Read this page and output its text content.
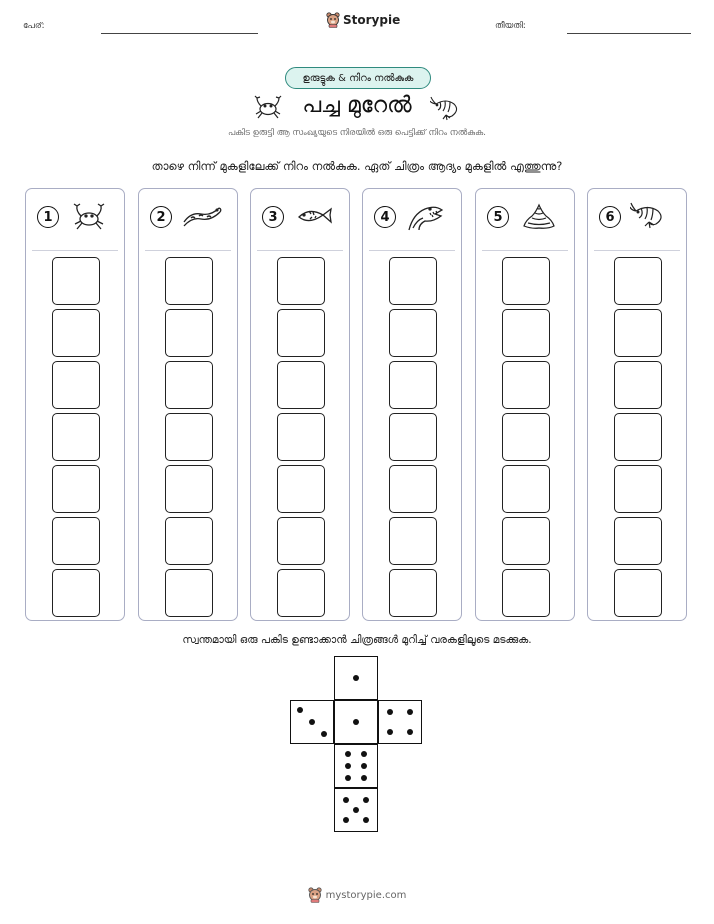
പേര്:	Storypie	തീയതി:
ഉരുട്ടുക & നിറം നൽകുക
പച്ച മുറേൽ
പകിട ഉരുട്ടി ആ സംഖ്യയുടെ നിരയിൽ ഒരു പെട്ടിക്ക് നിറം നൽകുക.
താഴെ നിന്ന് മുകളിലേക്ക് നിറം നൽകുക. ഏത് ചിത്രം ആദ്യം മുകളിൽ എത്തുന്നു?
1	2	3	4	5	6
സ്വന്തമായി ഒരു പകിട ഉണ്ടാക്കാൻ ചിത്രങ്ങൾ മുറിച്ച് വരകളിലൂടെ മടക്കുക.
mystorypie.com
